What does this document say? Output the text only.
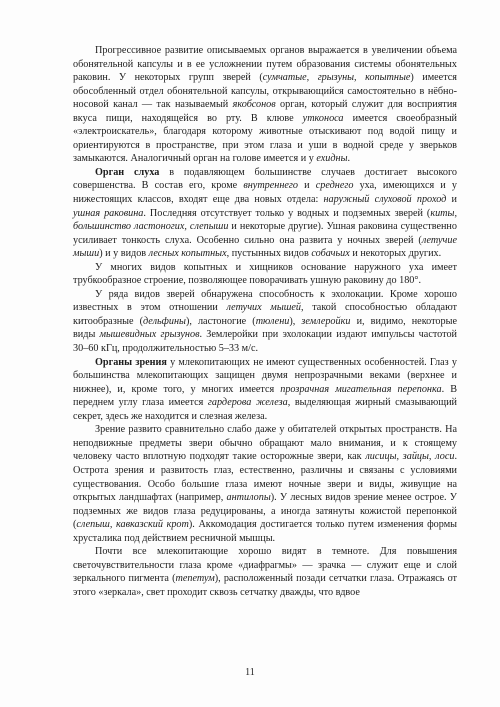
Прогрессивное развитие описываемых органов выражается в увеличении объема обонятельной капсулы и в ее усложнении путем образования системы обонятельных раковин. У некоторых групп зверей (сумчатые, грызуны, копытные) имеется обособленный отдел обонятельной капсулы, открывающийся самостоятельно в нёбно-носовой канал — так называемый якобсонов орган, который служит для восприятия вкуса пищи, находящейся во рту. В клюве утконоса имеется своеобразный «электроискатель», благодаря которому животные отыскивают под водой пищу и ориентируются в пространстве, при этом глаза и уши в водной среде у зверьков замыкаются. Аналогичный орган на голове имеется и у ехидны.

Орган слуха в подавляющем большинстве случаев достигает высокого совершенства. В состав его, кроме внутреннего и среднего уха, имеющихся и у нижестоящих классов, входят еще два новых отдела: наружный слуховой проход и ушная раковина. Последняя отсутствует только у водных и подземных зверей (киты, большинство ластоногих, слепыши и некоторые другие). Ушная раковина существенно усиливает тонкость слуха. Особенно сильно она развита у ночных зверей (летучие мыши) и у видов лесных копытных, пустынных видов собачьих и некоторых других.

У многих видов копытных и хищников основание наружного уха имеет трубкообразное строение, позволяющее поворачивать ушную раковину до 180°.

У ряда видов зверей обнаружена способность к эхолокации. Кроме хорошо известных в этом отношении летучих мышей, такой способностью обладают китообразные (дельфины), ластоногие (тюлени), землеройки и, видимо, некоторые виды мышевидных грызунов. Землеройки при эхолокации издают импульсы частотой 30–60 кГц, продолжительностью 5–33 м/с.

Органы зрения у млекопитающих не имеют существенных особенностей. Глаз у большинства млекопитающих защищен двумя непрозрачными веками (верхнее и нижнее), и, кроме того, у многих имеется прозрачная мигательная перепонка. В переднем углу глаза имеется гардерова железа, выделяющая жирный смазывающий секрет, здесь же находится и слезная железа.

Зрение развито сравнительно слабо даже у обитателей открытых пространств. На неподвижные предметы звери обычно обращают мало внимания, и к стоящему человеку часто вплотную подходят такие осторожные звери, как лисицы, зайцы, лоси. Острота зрения и развитость глаз, естественно, различны и связаны с условиями существования. Особо большие глаза имеют ночные звери и виды, живущие на открытых ландшафтах (например, антилопы). У лесных видов зрение менее острое. У подземных же видов глаза редуцированы, а иногда затянуты кожистой перепонкой (слепыш, кавказский крот). Аккомодация достигается только путем изменения формы хрусталика под действием ресничной мышцы.

Почти все млекопитающие хорошо видят в темноте. Для повышения светочувствительности глаза кроме «диафрагмы» — зрачка — служит еще и слой зеркального пигмента (тепетум), расположенный позади сетчатки глаза. Отражаясь от этого «зеркала», свет проходит сквозь сетчатку дважды, что вдвое

11
